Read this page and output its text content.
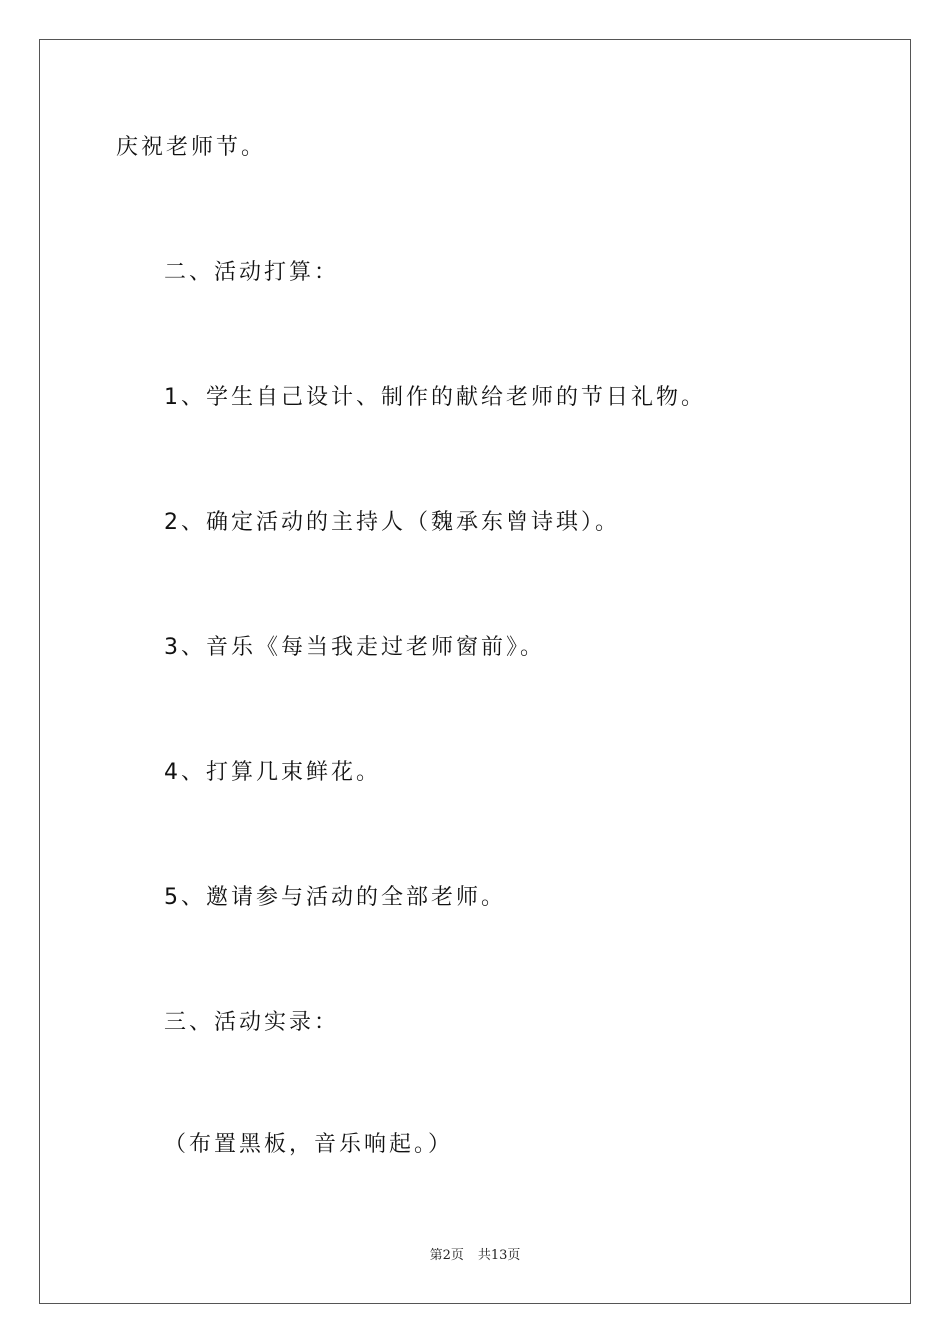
庆祝老师节。

二、活动打算：

1、学生自己设计、制作的献给老师的节日礼物。

2、确定活动的主持人（魏承东曾诗琪）。

3、音乐《每当我走过老师窗前》。

4、打算几束鲜花。

5、邀请参与活动的全部老师。

三、活动实录：

（布置黑板，音乐响起。）

第2页 共13页
